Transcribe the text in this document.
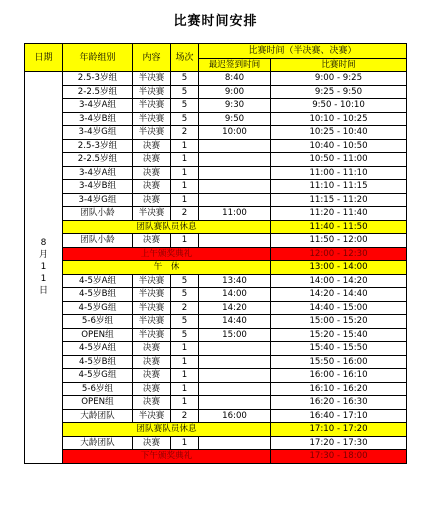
比赛时间安排
日期	年龄组别	内容	场次	比赛时间（半决赛、决赛）	
				最迟签到时间	比赛时间

8
月
1
1
日	2.5-3岁组	半决赛	5	8:40	9:00 - 9:25
	2-2.5岁组	半决赛	5	9:00	9:25 - 9:50
	3-4岁A组	半决赛	5	9:30	9:50 - 10:10
	3-4岁B组	半决赛	5	9:50	10:10 - 10:25
	3-4岁G组	半决赛	2	10:00	10:25 - 10:40
	2.5-3岁组	决赛	1		10:40 - 10:50
	2-2.5岁组	决赛	1		10:50 - 11:00
	3-4岁A组	决赛	1		11:00 - 11:10
	3-4岁B组	决赛	1		11:10 - 11:15
	3-4岁G组	决赛	1		11:15 - 11:20
	团队小龄	半决赛	2	11:00	11:20 - 11:40
	团队赛队员休息				11:40 - 11:50
	团队小龄	决赛	1		11:50 - 12:00
	上午颁奖典礼				12:00 - 12:30
	午　休				13:00 - 14:00
	4-5岁A组	半决赛	5	13:40	14:00 - 14:20
	4-5岁B组	半决赛	5	14:00	14:20 - 14:40
	4-5岁G组	半决赛	2	14:20	14:40 - 15:00
	5-6岁组	半决赛	5	14:40	15:00 - 15:20
	OPEN组	半决赛	5	15:00	15:20 - 15:40
	4-5岁A组	决赛	1		15:40 - 15:50
	4-5岁B组	决赛	1		15:50 - 16:00
	4-5岁G组	决赛	1		16:00 - 16:10
	5-6岁组	决赛	1		16:10 - 16:20
	OPEN组	决赛	1		16:20 - 16:30
	大龄团队	半决赛	2	16:00	16:40 - 17:10
	团队赛队员休息				17:10 - 17:20
	大龄团队	决赛	1		17:20 - 17:30
	下午颁奖典礼				17:30 - 18:00
